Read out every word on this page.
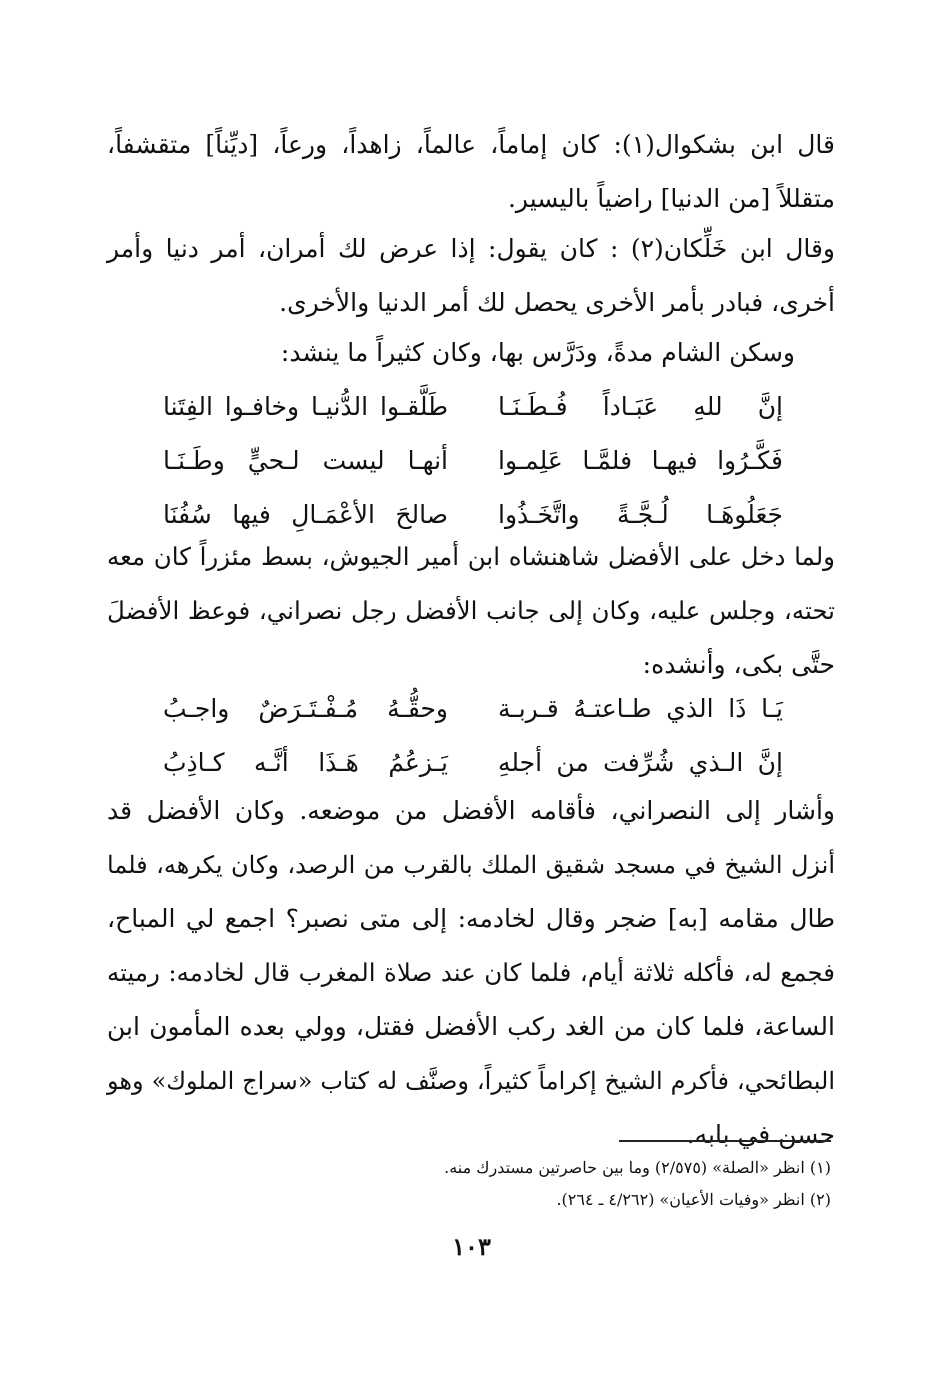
قال ابن بشكوال(١): كان إماماً، عالماً، زاهداً، ورعاً، [ديِّناً] متقشفاً،
متقللاً [من الدنيا] راضياً باليسير.
وقال ابن خَلِّكان(٢) : كان يقول: إذا عرض لك أمران، أمر دنيا وأمر
أخرى، فبادر بأمر الأخرى يحصل لك أمر الدنيا والأخرى.
وسكن الشام مدةً، ودَرَّس بها، وكان كثيراً ما ينشد:
إنَّ للهِ عَبَـاداً فُـطَـنَـا
طَلَّقـوا الدُّنيـا وخافـوا الفِتَنا
فَكَّـرُوا فيهـا فلمَّـا عَلِمـوا
أنهـا ليست لـحيٍّ وطَـنَـا
جَعَلُوهَـا لُـجَّـةً واتَّخَـذُوا
صالحَ الأعْمَـالِ فيها سُفُنَا
ولما دخل على الأفضل شاهنشاه ابن أمير الجيوش، بسط مئزراً كان معه
تحته، وجلس عليه، وكان إلى جانب الأفضل رجل نصراني، فوعظ الأفضلَ
حتَّى بكى، وأنشده:
يَـا ذَا الذي طـاعتـهُ قـربـة
وحقُّـهُ مُـفْـتَـرَضٌ واجـبُ
إنَّ الـذي شُرِّفت من أجلهِ
يَـزعُمُ هَـذَا أنَّـه كـاذِبُ
وأشار إلى النصراني، فأقامه الأفضل من موضعه. وكان الأفضل قد
أنزل الشيخ في مسجد شقيق الملك بالقرب من الرصد، وكان يكرهه، فلما
طال مقامه [به] ضجر وقال لخادمه: إلى متى نصبر؟ اجمع لي المباح،
فجمع له، فأكله ثلاثة أيام، فلما كان عند صلاة المغرب قال لخادمه: رميته
الساعة، فلما كان من الغد ركب الأفضل فقتل، وولي بعده المأمون ابن
البطائحي، فأكرم الشيخ إكراماً كثيراً، وصنَّف له كتاب «سراج الملوك» وهو
حسن في بابه.
(١) انظر «الصلة» (٢/٥٧٥) وما بين حاصرتين مستدرك منه.
(٢) انظر «وفيات الأعيان» (٤/٢٦٢ ـ ٢٦٤).
١٠٣
